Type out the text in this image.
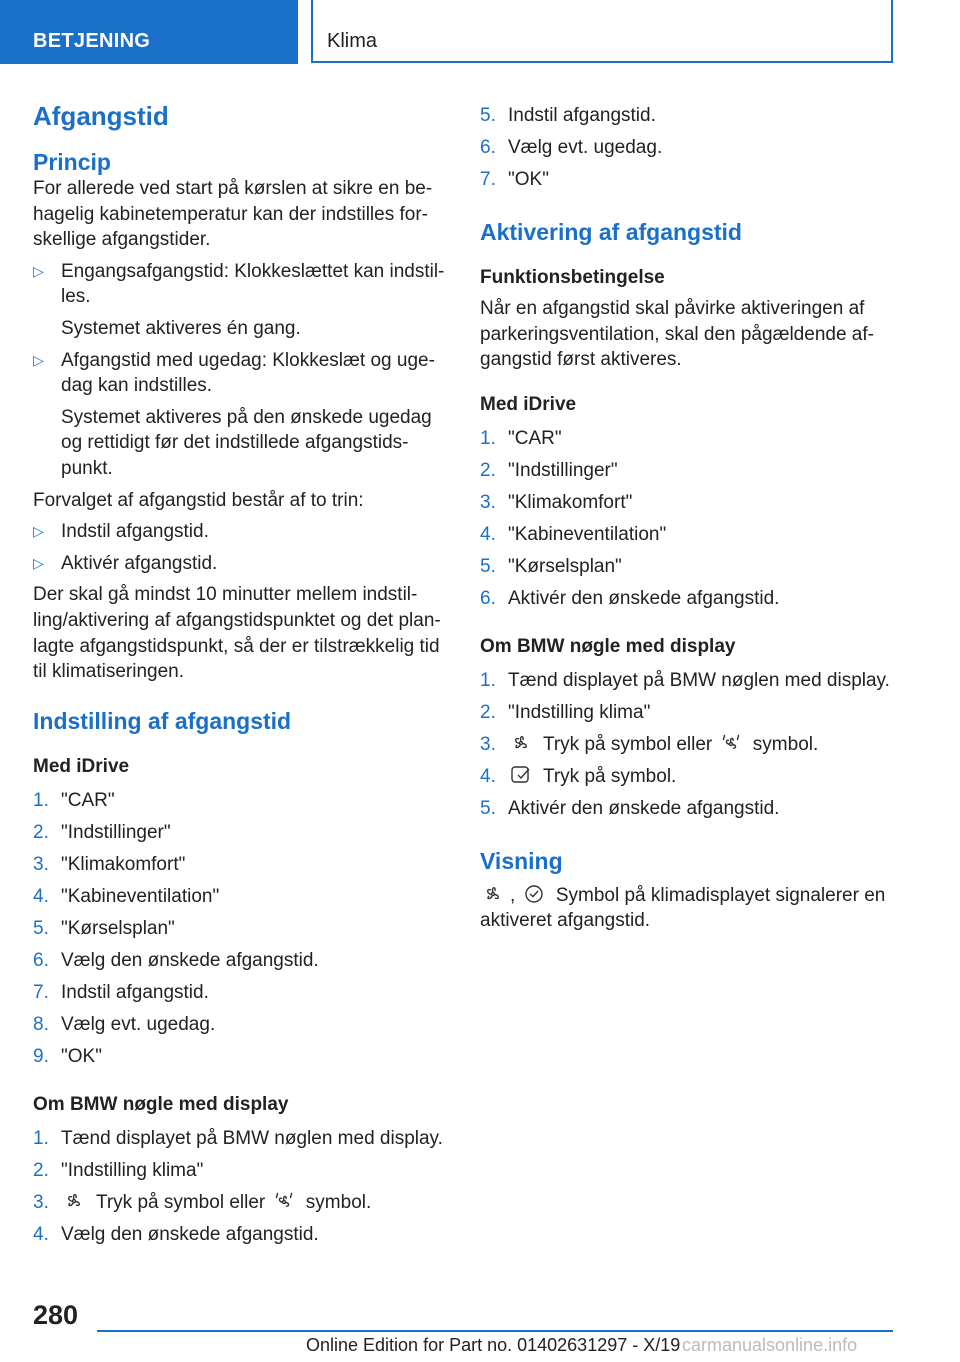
BETJENING	Klima
Afgangstid
Princip

For allerede ved start på kørslen at sikre en be-hagelig kabinetemperatur kan der indstilles for-skellige afgangstider.

▷ Engangsafgangstid: Klokkeslættet kan indstil-les.
Systemet aktiveres én gang.
▷ Afgangstid med ugedag: Klokkeslæt og uge-dag kan indstilles.
Systemet aktiveres på den ønskede ugedag og rettidigt før det indstillede afgangstids-punkt.

Forvalget af afgangstid består af to trin:

▷ Indstil afgangstid.
▷ Aktivér afgangstid.

Der skal gå mindst 10 minutter mellem indstil-ling/aktivering af afgangstidspunktet og det plan-lagte afgangstidspunkt, så der er tilstrækkelig tid til klimatiseringen.

Indstilling af afgangstid
Med iDrive
1. "CAR"
2. "Indstillinger"
3. "Klimakomfort"
4. "Kabineventilation"
5. "Kørselsplan"
6. Vælg den ønskede afgangstid.
7. Indstil afgangstid.
8. Vælg evt. ugedag.
9. "OK"
Om BMW nøgle med display
1. Tænd displayet på BMW nøglen med display.
2. "Indstilling klima"
3. Tryk på symbol eller symbol.
4. Vælg den ønskede afgangstid.
5. Indstil afgangstid.
6. Vælg evt. ugedag.
7. "OK"
Aktivering af afgangstid
Funktionsbetingelse

Når en afgangstid skal påvirke aktiveringen af parkeringsventilation, skal den pågældende af-gangstid først aktiveres.

Med iDrive
1. "CAR"
2. "Indstillinger"
3. "Klimakomfort"
4. "Kabineventilation"
5. "Kørselsplan"
6. Aktivér den ønskede afgangstid.
Om BMW nøgle med display
1. Tænd displayet på BMW nøglen med display.
2. "Indstilling klima"
3. Tryk på symbol eller symbol.
4. Tryk på symbol.
5. Aktivér den ønskede afgangstid.
Visning

, Symbol på klimadisplayet signalerer en aktiveret afgangstid.

280
Online Edition for Part no. 01402631297 - X/19 carmanualsonline.info
